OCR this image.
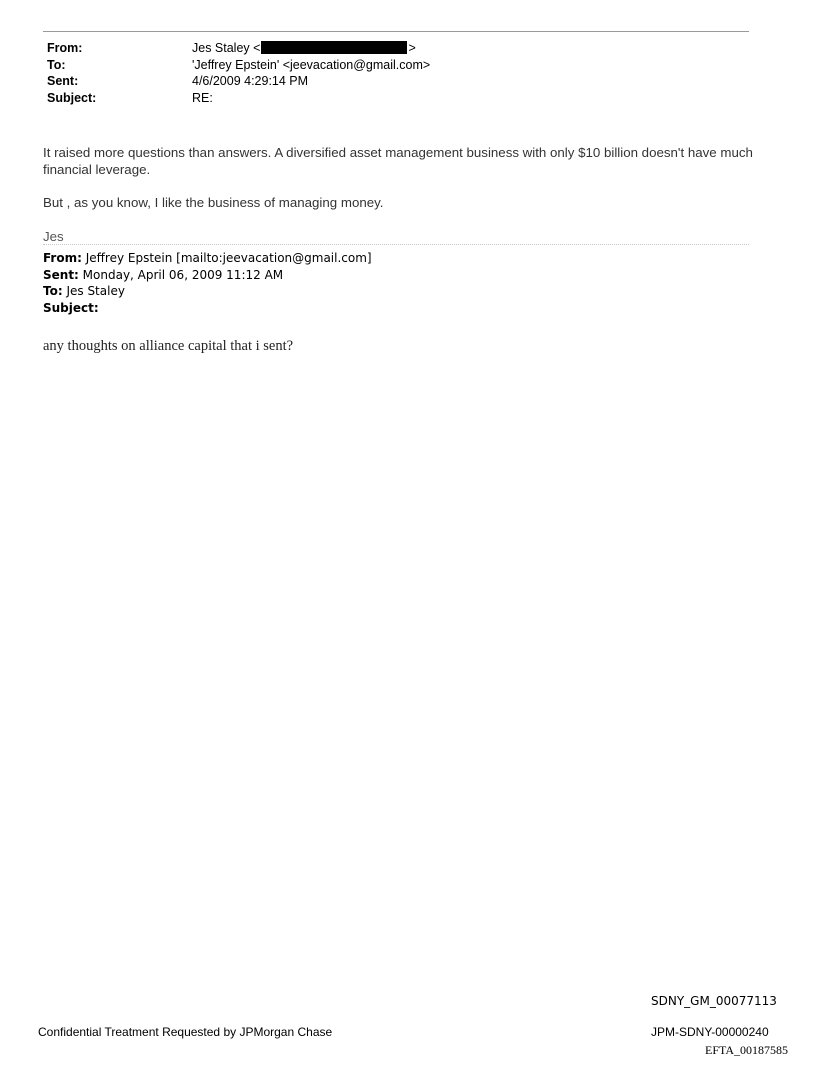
From:	Jes Staley <	>
To:	'Jeffrey Epstein' <jeevacation@gmail.com>
Sent:	4/6/2009 4:29:14 PM
Subject:	RE:
It raised more questions than answers. A diversified asset management business with only $10 billion doesn't have much financial leverage.
But , as you know, I like the business of managing money.
Jes
From: Jeffrey Epstein [mailto:jeevacation@gmail.com]
Sent: Monday, April 06, 2009 11:12 AM
To: Jes Staley
Subject:
any thoughts on alliance capital that i sent?
SDNY_GM_00077113
Confidential Treatment Requested by JPMorgan Chase	JPM-SDNY-00000240
EFTA_00187585
